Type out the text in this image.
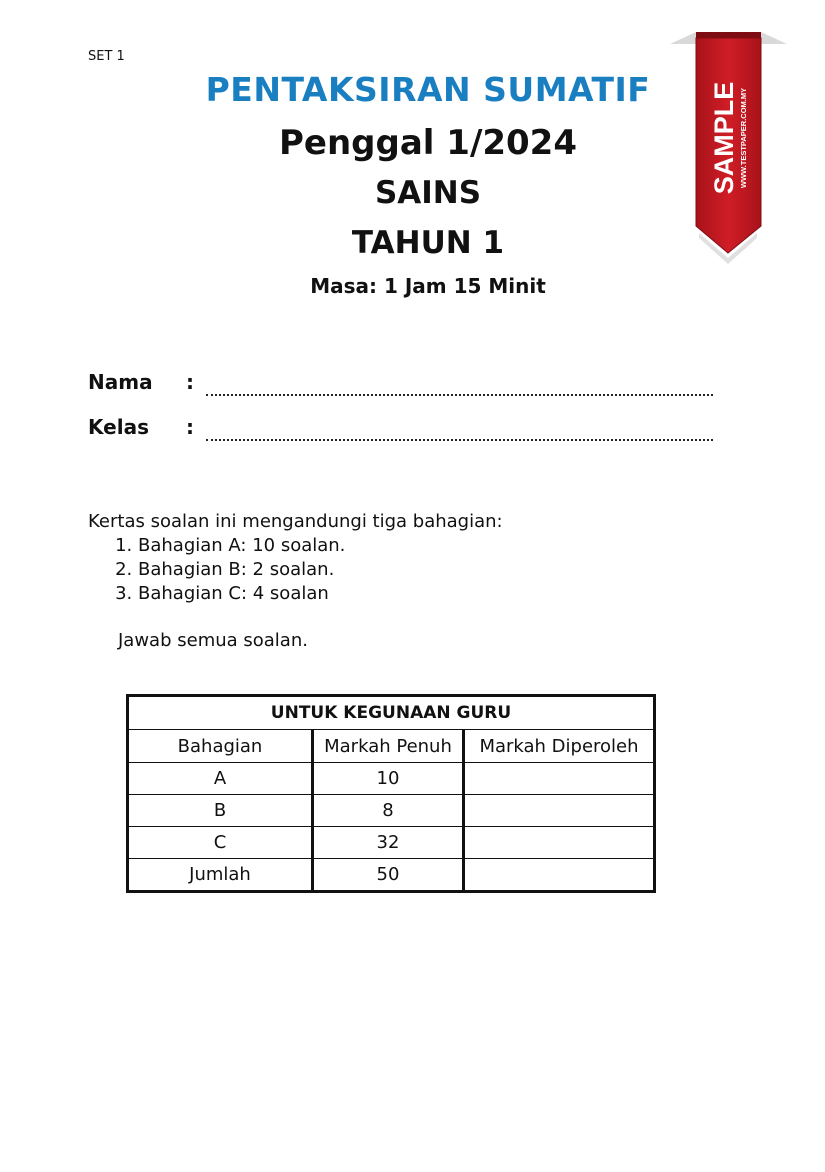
SET 1
PENTAKSIRAN SUMATIF
Penggal 1/2024
SAINS
TAHUN 1
Masa: 1 Jam 15 Minit
SAMPLE WWW.TESTPAPER.COM.MY
Nama :
Kelas :
Kertas soalan ini mengandungi tiga bahagian:
1. Bahagian A: 10 soalan.
2. Bahagian B: 2 soalan.
3. Bahagian C: 4 soalan
Jawab semua soalan.
UNTUK KEGUNAAN GURU		
Bahagian	Markah Penuh	Markah Diperoleh
A	10	
B	8	
C	32	
Jumlah	50	
